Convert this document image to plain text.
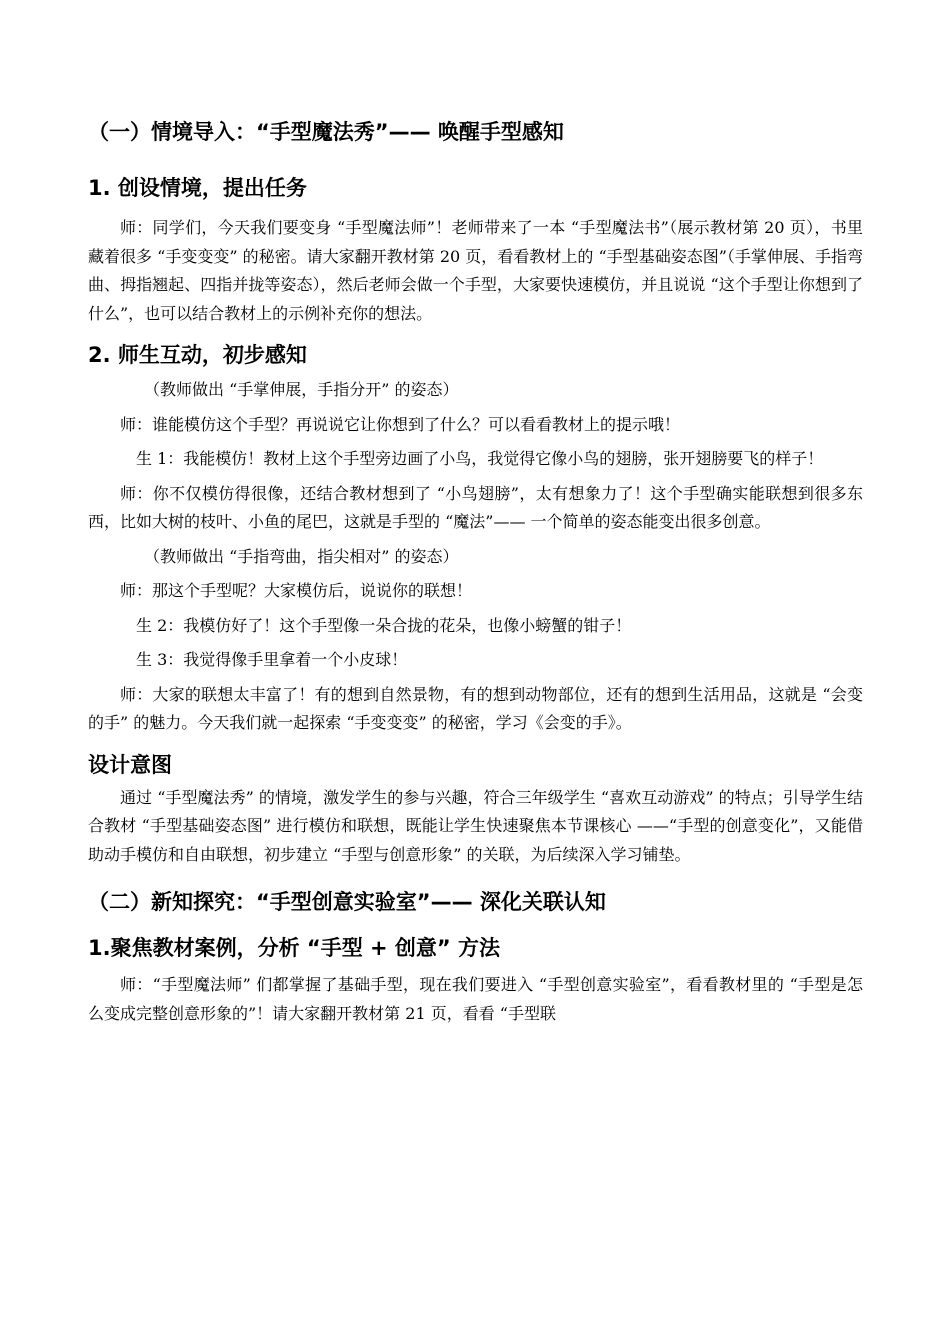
（一）情境导入：“手型魔法秀”—— 唤醒手型感知
1. 创设情境，提出任务

师：同学们，今天我们要变身 “手型魔法师”！老师带来了一本 “手型魔法书”（展示教材第 20 页），书里藏着很多 “手变变变” 的秘密。请大家翻开教材第 20 页，看看教材上的 “手型基础姿态图”（手掌伸展、手指弯曲、拇指翘起、四指并拢等姿态），然后老师会做一个手型，大家要快速模仿，并且说说 “这个手型让你想到了什么”，也可以结合教材上的示例补充你的想法。

2. 师生互动，初步感知

（教师做出 “手掌伸展，手指分开” 的姿态）

师：谁能模仿这个手型？再说说它让你想到了什么？可以看看教材上的提示哦！

生 1：我能模仿！教材上这个手型旁边画了小鸟，我觉得它像小鸟的翅膀，张开翅膀要飞的样子！

师：你不仅模仿得很像，还结合教材想到了 “小鸟翅膀”，太有想象力了！这个手型确实能联想到很多东西，比如大树的枝叶、小鱼的尾巴，这就是手型的 “魔法”—— 一个简单的姿态能变出很多创意。

（教师做出 “手指弯曲，指尖相对” 的姿态）

师：那这个手型呢？大家模仿后，说说你的联想！

生 2：我模仿好了！这个手型像一朵合拢的花朵，也像小螃蟹的钳子！

生 3：我觉得像手里拿着一个小皮球！

师：大家的联想太丰富了！有的想到自然景物，有的想到动物部位，还有的想到生活用品，这就是 “会变的手” 的魅力。今天我们就一起探索 “手变变变” 的秘密，学习《会变的手》。

设计意图

通过 “手型魔法秀” 的情境，激发学生的参与兴趣，符合三年级学生 “喜欢互动游戏” 的特点；引导学生结合教材 “手型基础姿态图” 进行模仿和联想，既能让学生快速聚焦本节课核心 ——“手型的创意变化”，又能借助动手模仿和自由联想，初步建立 “手型与创意形象” 的关联，为后续深入学习铺垫。

（二）新知探究：“手型创意实验室”—— 深化关联认知
1.聚焦教材案例，分析 “手型 + 创意” 方法

师：“手型魔法师” 们都掌握了基础手型，现在我们要进入 “手型创意实验室”，看看教材里的 “手型是怎么变成完整创意形象的”！请大家翻开教材第 21 页，看看 “手型联
